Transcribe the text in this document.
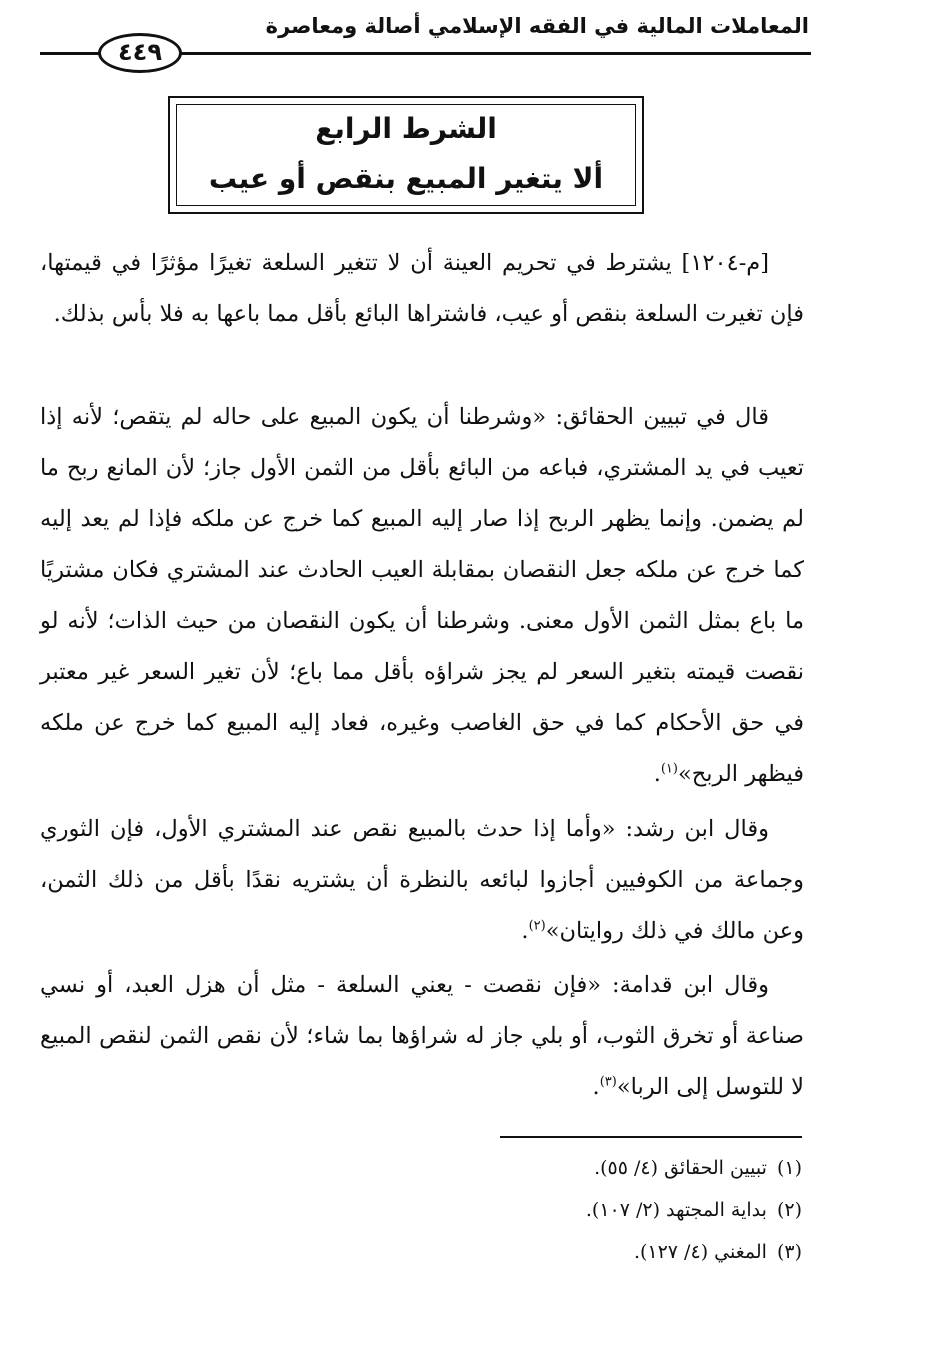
المعاملات المالية في الفقه الإسلامي أصالة ومعاصرة
٤٤٩
الشرط الرابع
ألا يتغير المبيع بنقص أو عيب
[م-١٢٠٤] يشترط في تحريم العينة أن لا تتغير السلعة تغيرًا مؤثرًا في قيمتها، فإن تغيرت السلعة بنقص أو عيب، فاشتراها البائع بأقل مما باعها به فلا بأس بذلك.
قال في تبيين الحقائق: «وشرطنا أن يكون المبيع على حاله لم يتقص؛ لأنه إذا تعيب في يد المشتري، فباعه من البائع بأقل من الثمن الأول جاز؛ لأن المانع ربح ما لم يضمن. وإنما يظهر الربح إذا صار إليه المبيع كما خرج عن ملكه فإذا لم يعد إليه كما خرج عن ملكه جعل النقصان بمقابلة العيب الحادث عند المشتري فكان مشتريًا ما باع بمثل الثمن الأول معنى. وشرطنا أن يكون النقصان من حيث الذات؛ لأنه لو نقصت قيمته بتغير السعر لم يجز شراؤه بأقل مما باع؛ لأن تغير السعر غير معتبر في حق الأحكام كما في حق الغاصب وغيره، فعاد إليه المبيع كما خرج عن ملكه فيظهر الربح»$^{(١)}$.
وقال ابن رشد: «وأما إذا حدث بالمبيع نقص عند المشتري الأول، فإن الثوري وجماعة من الكوفيين أجازوا لبائعه بالنظرة أن يشتريه نقدًا بأقل من ذلك الثمن، وعن مالك في ذلك روايتان»$^{(٢)}$.
وقال ابن قدامة: «فإن نقصت - يعني السلعة - مثل أن هزل العبد، أو نسي صناعة أو تخرق الثوب، أو بلي جاز له شراؤها بما شاء؛ لأن نقص الثمن لنقص المبيع لا للتوسل إلى الربا»$^{(٣)}$.
(١)تبيين الحقائق (٤/ ٥٥).
(٢)بداية المجتهد (٢/ ١٠٧).
(٣)المغني (٤/ ١٢٧).
